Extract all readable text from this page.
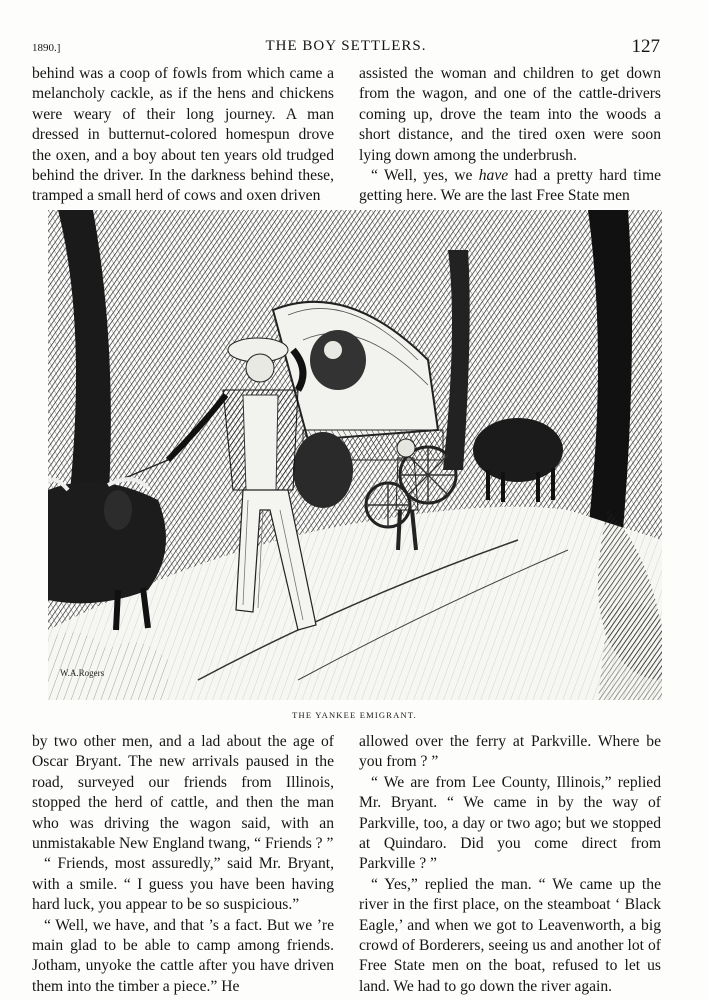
1890.]	THE BOY SETTLERS.	127

behind was a coop of fowls from which came a melancholy cackle, as if the hens and chickens were weary of their long journey. A man dressed in butternut-colored homespun drove the oxen, and a boy about ten years old trudged behind the driver. In the darkness behind these, tramped a small herd of cows and oxen driven

assisted the woman and children to get down from the wagon, and one of the cattle-drivers coming up, drove the team into the woods a short distance, and the tired oxen were soon lying down among the underbrush.

“ Well, yes, we have had a pretty hard time getting here. We are the last Free State men

W.A.Rogers
THE YANKEE EMIGRANT.

by two other men, and a lad about the age of Oscar Bryant. The new arrivals paused in the road, surveyed our friends from Illinois, stopped the herd of cattle, and then the man who was driving the wagon said, with an unmistakable New England twang, “ Friends ? ”

“ Friends, most assuredly,” said Mr. Bryant, with a smile. “ I guess you have been having hard luck, you appear to be so suspicious.”

“ Well, we have, and that ’s a fact. But we ’re main glad to be able to camp among friends. Jotham, unyoke the cattle after you have driven them into the timber a piece.” He

allowed over the ferry at Parkville. Where be you from ? ”

“ We are from Lee County, Illinois,” replied Mr. Bryant. “ We came in by the way of Parkville, too, a day or two ago; but we stopped at Quindaro. Did you come direct from Parkville ? ”

“ Yes,” replied the man. “ We came up the river in the first place, on the steamboat ‘ Black Eagle,’ and when we got to Leavenworth, a big crowd of Borderers, seeing us and another lot of Free State men on the boat, refused to let us land. We had to go down the river again.
